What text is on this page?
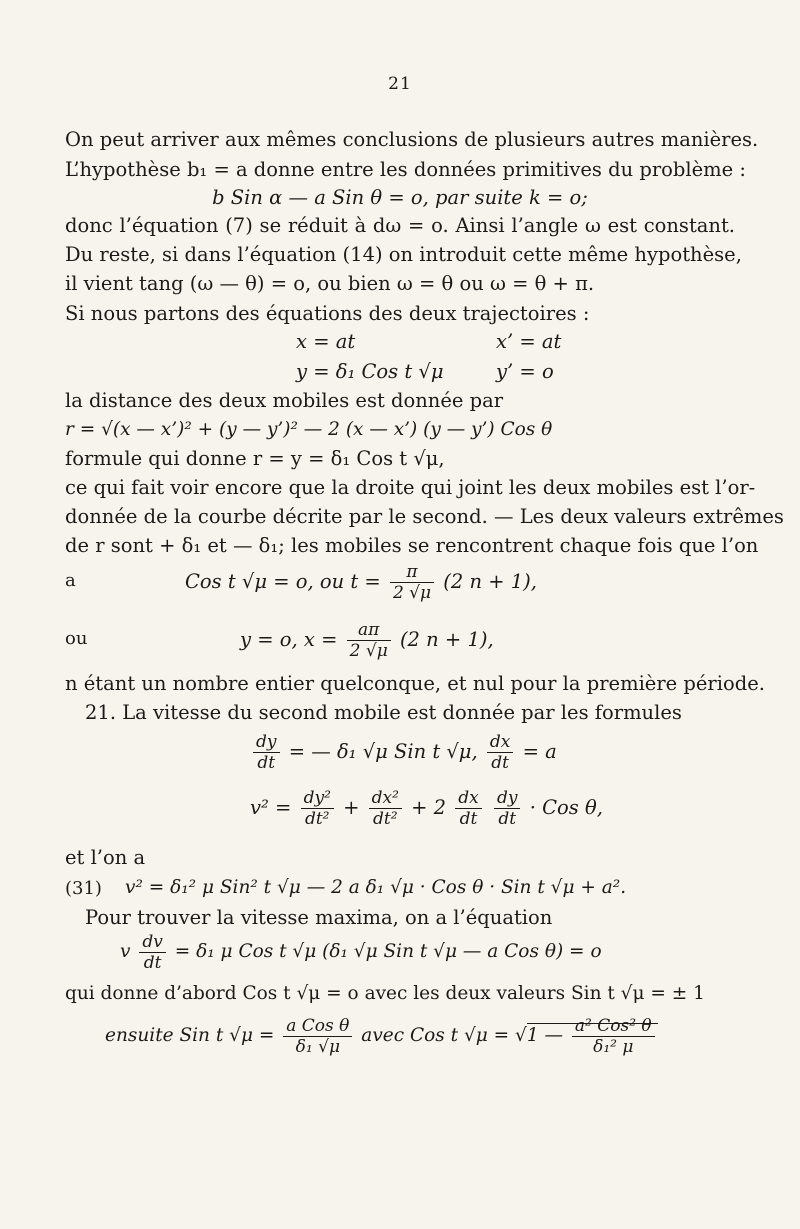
21
On peut arriver aux mêmes conclusions de plusieurs autres manières.
L’hypothèse b₁ = a donne entre les données primitives du problème :
b Sin α — a Sin θ = o, par suite k = o;
donc l’équation (7) se réduit à dω = o. Ainsi l’angle ω est constant.
Du reste, si dans l’équation (14) on introduit cette même hypothèse,
il vient tang (ω — θ) = o, ou bien ω = θ ou ω = θ + π.
Si nous partons des équations des deux trajectoires :
x = at	x’ = at
y = δ₁ Cos t √μ	y’ = o
la distance des deux mobiles est donnée par
r = √(x — x’)² + (y — y’)² — 2 (x — x’) (y — y’) Cos θ
formule qui donne r = y = δ₁ Cos t √μ,
ce qui fait voir encore que la droite qui joint les deux mobiles est l’or-
donnée de la courbe décrite par le second. — Les deux valeurs extrêmes
de r sont + δ₁ et — δ₁; les mobiles se rencontrent chaque fois que l’on
a	Cos t √μ = o, ou $t = \frac{\pi}{2 √\mu} (2$ n + 1),
ou	y = o, $x = \frac{a\pi}{2 √\mu} (2$ n + 1),
n étant un nombre entier quelconque, et nul pour la première période.
21. La vitesse du second mobile est donnée par les formules
$\frac{dy}{dt}$ = — δ₁ √μ Sin t √μ, $\frac{dx}{dt} = a$
$v^2 = \frac{\text{dy²}}{\text{dt²}} + \frac{\text{dx²}}{\text{dt²}} + 2 \frac{dx}{dt}$
$\frac{dy}{dt}$ · Cos θ,
et l’on a
(31) v² = δ₁² μ Sin² t √μ — 2 a δ₁ √μ · Cos θ · Sin t √μ + a².
Pour trouver la vitesse maxima, on a l’équation
v $\frac{dv}{dt} = \delta_1$ μ Cos t √μ (δ₁ √μ Sin t √μ — a Cos θ) = o
qui donne d’abord Cos t √μ = o avec les deux valeurs Sin t √μ = ± 1
ensuite Sin t $√\mu = \frac{\text{a Cos θ}}{\text{δ₁ √μ}}$ avec Cos t √μ = √ 1 — $\frac{\text{a² Cos² θ}}{\text{δ₁² μ}}$
